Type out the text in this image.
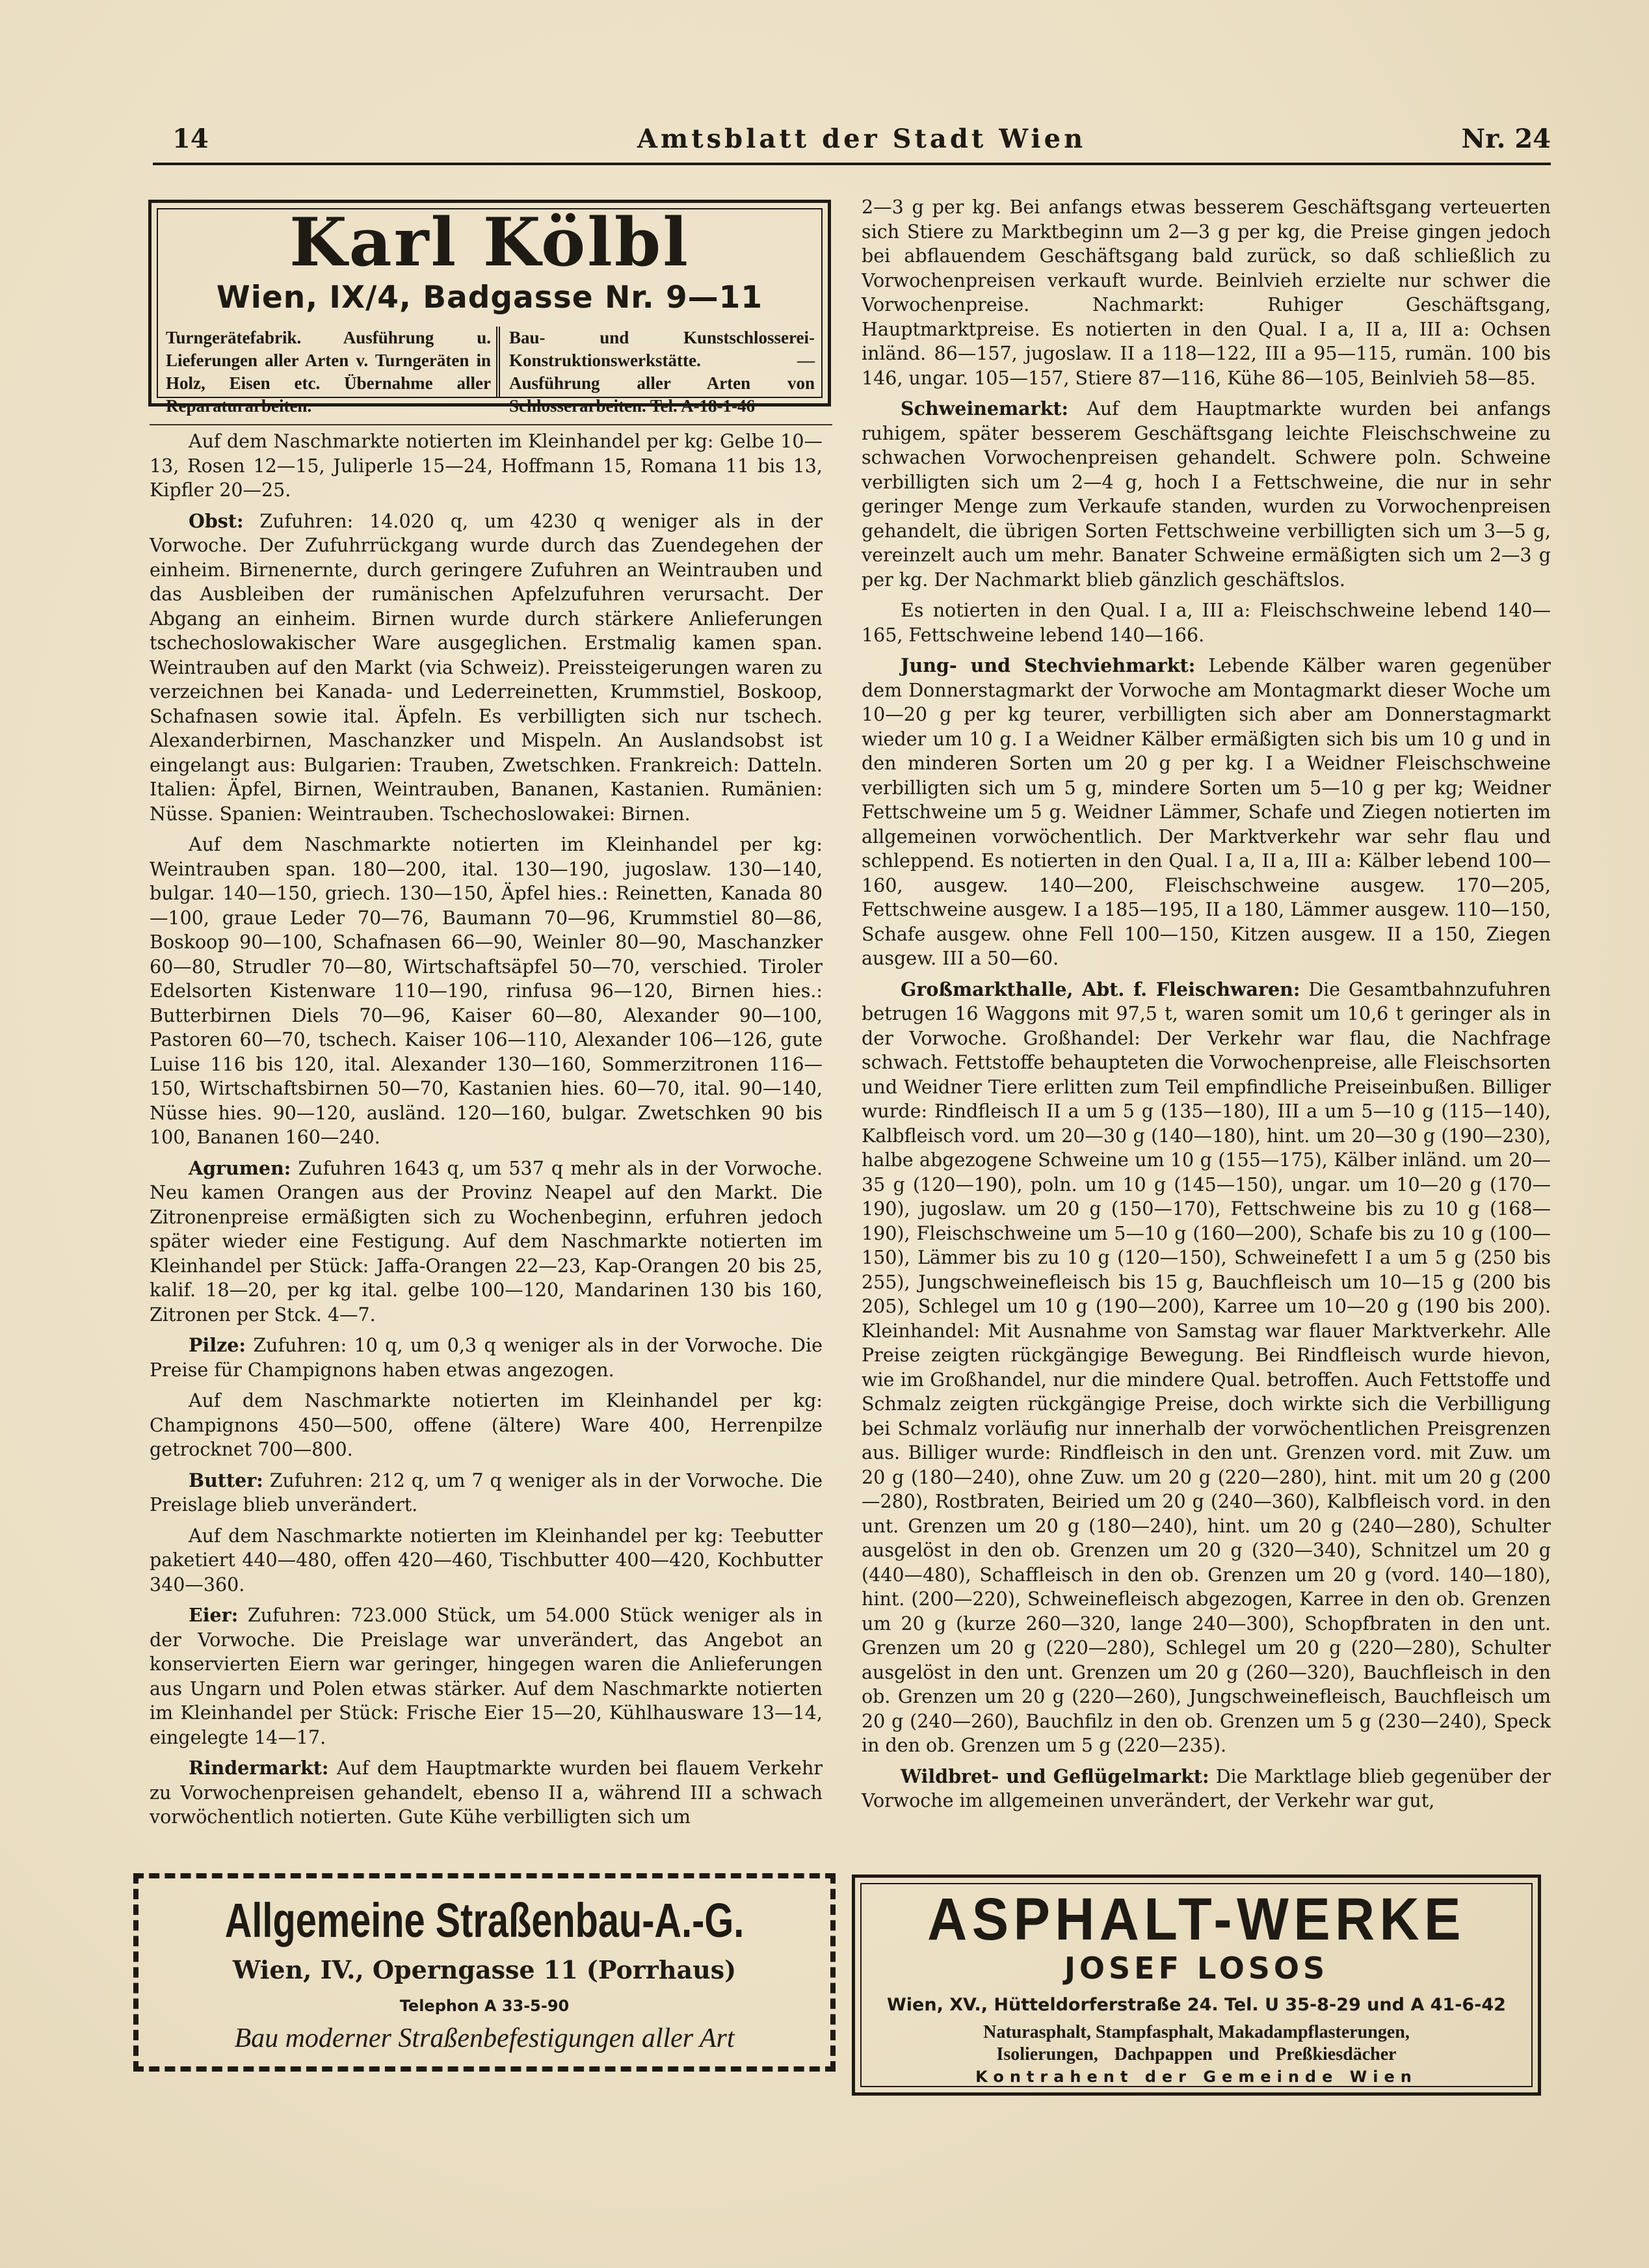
14	Amtsblatt der Stadt Wien	Nr. 24
Karl Kölbl
Wien, IX/4, Badgasse Nr. 9—11
Turngerätefabrik. Ausführung u. Lieferungen aller Arten v. Turngeräten in Holz, Eisen etc. Übernahme aller Reparaturarbeiten.
Bau- und Kunstschlosserei- Konstruktionswerkstätte. — Ausführung aller Arten von Schlosserarbeiten. Tel. A-18-1-46

Auf dem Naschmarkte notierten im Kleinhandel per kg: Gelbe 10—13, Rosen 12—15, Juliperle 15—24, Hoffmann 15, Romana 11 bis 13, Kipfler 20—25.

Obst: Zufuhren: 14.020 q, um 4230 q weniger als in der Vorwoche. Der Zufuhrrückgang wurde durch das Zuendegehen der einheim. Birnenernte, durch geringere Zufuhren an Weintrauben und das Ausbleiben der rumänischen Apfelzufuhren verursacht. Der Abgang an einheim. Birnen wurde durch stärkere Anlieferungen tschechoslowakischer Ware ausgeglichen. Erstmalig kamen span. Weintrauben auf den Markt (via Schweiz). Preissteigerungen waren zu verzeichnen bei Kanada- und Lederreinetten, Krummstiel, Boskoop, Schafnasen sowie ital. Äpfeln. Es verbilligten sich nur tschech. Alexanderbirnen, Maschanzker und Mispeln. An Auslandsobst ist eingelangt aus: Bulgarien: Trauben, Zwetschken. Frankreich: Datteln. Italien: Äpfel, Birnen, Weintrauben, Bananen, Kastanien. Rumänien: Nüsse. Spanien: Weintrauben. Tschechoslowakei: Birnen.

Auf dem Naschmarkte notierten im Kleinhandel per kg: Weintrauben span. 180—200, ital. 130—190, jugoslaw. 130—140, bulgar. 140—150, griech. 130—150, Äpfel hies.: Reinetten, Kanada 80—100, graue Leder 70—76, Baumann 70—96, Krummstiel 80—86, Boskoop 90—100, Schafnasen 66—90, Weinler 80—90, Maschanzker 60—80, Strudler 70—80, Wirtschaftsäpfel 50—70, verschied. Tiroler Edelsorten Kistenware 110—190, rinfusa 96—120, Birnen hies.: Butterbirnen Diels 70—96, Kaiser 60—80, Alexander 90—100, Pastoren 60—70, tschech. Kaiser 106—110, Alexander 106—126, gute Luise 116 bis 120, ital. Alexander 130—160, Sommerzitronen 116—150, Wirtschaftsbirnen 50—70, Kastanien hies. 60—70, ital. 90—140, Nüsse hies. 90—120, ausländ. 120—160, bulgar. Zwetschken 90 bis 100, Bananen 160—240.

Agrumen: Zufuhren 1643 q, um 537 q mehr als in der Vorwoche. Neu kamen Orangen aus der Provinz Neapel auf den Markt. Die Zitronenpreise ermäßigten sich zu Wochenbeginn, erfuhren jedoch später wieder eine Festigung. Auf dem Naschmarkte notierten im Kleinhandel per Stück: Jaffa-Orangen 22—23, Kap-Orangen 20 bis 25, kalif. 18—20, per kg ital. gelbe 100—120, Mandarinen 130 bis 160, Zitronen per Stck. 4—7.

Pilze: Zufuhren: 10 q, um 0,3 q weniger als in der Vorwoche. Die Preise für Champignons haben etwas angezogen.

Auf dem Naschmarkte notierten im Kleinhandel per kg: Champignons 450—500, offene (ältere) Ware 400, Herrenpilze getrocknet 700—800.

Butter: Zufuhren: 212 q, um 7 q weniger als in der Vorwoche. Die Preislage blieb unverändert.

Auf dem Naschmarkte notierten im Kleinhandel per kg: Teebutter paketiert 440—480, offen 420—460, Tischbutter 400—420, Kochbutter 340—360.

Eier: Zufuhren: 723.000 Stück, um 54.000 Stück weniger als in der Vorwoche. Die Preislage war unverändert, das Angebot an konservierten Eiern war geringer, hingegen waren die Anlieferungen aus Ungarn und Polen etwas stärker. Auf dem Naschmarkte notierten im Kleinhandel per Stück: Frische Eier 15—20, Kühlhausware 13—14, eingelegte 14—17.

Rindermarkt: Auf dem Hauptmarkte wurden bei flauem Verkehr zu Vorwochenpreisen gehandelt, ebenso II a, während III a schwach vorwöchentlich notierten. Gute Kühe verbilligten sich um

2—3 g per kg. Bei anfangs etwas besserem Geschäftsgang verteuerten sich Stiere zu Marktbeginn um 2—3 g per kg, die Preise gingen jedoch bei abflauendem Geschäftsgang bald zurück, so daß schließlich zu Vorwochenpreisen verkauft wurde. Beinlvieh erzielte nur schwer die Vorwochenpreise. Nachmarkt: Ruhiger Geschäftsgang, Hauptmarktpreise. Es notierten in den Qual. I a, II a, III a: Ochsen inländ. 86—157, jugoslaw. II a 118—122, III a 95—115, rumän. 100 bis 146, ungar. 105—157, Stiere 87—116, Kühe 86—105, Beinlvieh 58—85.

Schweinemarkt: Auf dem Hauptmarkte wurden bei anfangs ruhigem, später besserem Geschäftsgang leichte Fleischschweine zu schwachen Vorwochenpreisen gehandelt. Schwere poln. Schweine verbilligten sich um 2—4 g, hoch I a Fettschweine, die nur in sehr geringer Menge zum Verkaufe standen, wurden zu Vorwochenpreisen gehandelt, die übrigen Sorten Fettschweine verbilligten sich um 3—5 g, vereinzelt auch um mehr. Banater Schweine ermäßigten sich um 2—3 g per kg. Der Nachmarkt blieb gänzlich geschäftslos.

Es notierten in den Qual. I a, III a: Fleischschweine lebend 140—165, Fettschweine lebend 140—166.

Jung- und Stechviehmarkt: Lebende Kälber waren gegenüber dem Donnerstagmarkt der Vorwoche am Montagmarkt dieser Woche um 10—20 g per kg teurer, verbilligten sich aber am Donnerstagmarkt wieder um 10 g. I a Weidner Kälber ermäßigten sich bis um 10 g und in den minderen Sorten um 20 g per kg. I a Weidner Fleischschweine verbilligten sich um 5 g, mindere Sorten um 5—10 g per kg; Weidner Fettschweine um 5 g. Weidner Lämmer, Schafe und Ziegen notierten im allgemeinen vorwöchentlich. Der Marktverkehr war sehr flau und schleppend. Es notierten in den Qual. I a, II a, III a: Kälber lebend 100—160, ausgew. 140—200, Fleischschweine ausgew. 170—205, Fettschweine ausgew. I a 185—195, II a 180, Lämmer ausgew. 110—150, Schafe ausgew. ohne Fell 100—150, Kitzen ausgew. II a 150, Ziegen ausgew. III a 50—60.

Großmarkthalle, Abt. f. Fleischwaren: Die Gesamtbahnzufuhren betrugen 16 Waggons mit 97,5 t, waren somit um 10,6 t geringer als in der Vorwoche. Großhandel: Der Verkehr war flau, die Nachfrage schwach. Fettstoffe behaupteten die Vorwochenpreise, alle Fleischsorten und Weidner Tiere erlitten zum Teil empfindliche Preiseinbußen. Billiger wurde: Rindfleisch II a um 5 g (135—180), III a um 5—10 g (115—140), Kalbfleisch vord. um 20—30 g (140—180), hint. um 20—30 g (190—230), halbe abgezogene Schweine um 10 g (155—175), Kälber inländ. um 20—35 g (120—190), poln. um 10 g (145—150), ungar. um 10—20 g (170—190), jugoslaw. um 20 g (150—170), Fettschweine bis zu 10 g (168—190), Fleischschweine um 5—10 g (160—200), Schafe bis zu 10 g (100—150), Lämmer bis zu 10 g (120—150), Schweinefett I a um 5 g (250 bis 255), Jungschweinefleisch bis 15 g, Bauchfleisch um 10—15 g (200 bis 205), Schlegel um 10 g (190—200), Karree um 10—20 g (190 bis 200). Kleinhandel: Mit Ausnahme von Samstag war flauer Marktverkehr. Alle Preise zeigten rückgängige Bewegung. Bei Rindfleisch wurde hievon, wie im Großhandel, nur die mindere Qual. betroffen. Auch Fettstoffe und Schmalz zeigten rückgängige Preise, doch wirkte sich die Verbilligung bei Schmalz vorläufig nur innerhalb der vorwöchentlichen Preisgrenzen aus. Billiger wurde: Rindfleisch in den unt. Grenzen vord. mit Zuw. um 20 g (180—240), ohne Zuw. um 20 g (220—280), hint. mit um 20 g (200—280), Rostbraten, Beiried um 20 g (240—360), Kalbfleisch vord. in den unt. Grenzen um 20 g (180—240), hint. um 20 g (240—280), Schulter ausgelöst in den ob. Grenzen um 20 g (320—340), Schnitzel um 20 g (440—480), Schaffleisch in den ob. Grenzen um 20 g (vord. 140—180), hint. (200—220), Schweinefleisch abgezogen, Karree in den ob. Grenzen um 20 g (kurze 260—320, lange 240—300), Schopfbraten in den unt. Grenzen um 20 g (220—280), Schlegel um 20 g (220—280), Schulter ausgelöst in den unt. Grenzen um 20 g (260—320), Bauchfleisch in den ob. Grenzen um 20 g (220—260), Jungschweinefleisch, Bauchfleisch um 20 g (240—260), Bauchfilz in den ob. Grenzen um 5 g (230—240), Speck in den ob. Grenzen um 5 g (220—235).

Wildbret- und Geflügelmarkt: Die Marktlage blieb gegenüber der Vorwoche im allgemeinen unverändert, der Verkehr war gut,

Allgemeine Straßenbau-A.-G.
Wien, IV., Operngasse 11 (Porrhaus)
Telephon A 33-5-90
Bau moderner Straßenbefestigungen aller Art
ASPHALT-WERKE
JOSEF LOSOS
Wien, XV., Hütteldorferstraße 24. Tel. U 35-8-29 und A 41-6-42
Naturasphalt, Stampfasphalt, Makadampflasterungen,
Isolierungen, Dachpappen und Preßkiesdächer
Kontrahent der Gemeinde Wien
